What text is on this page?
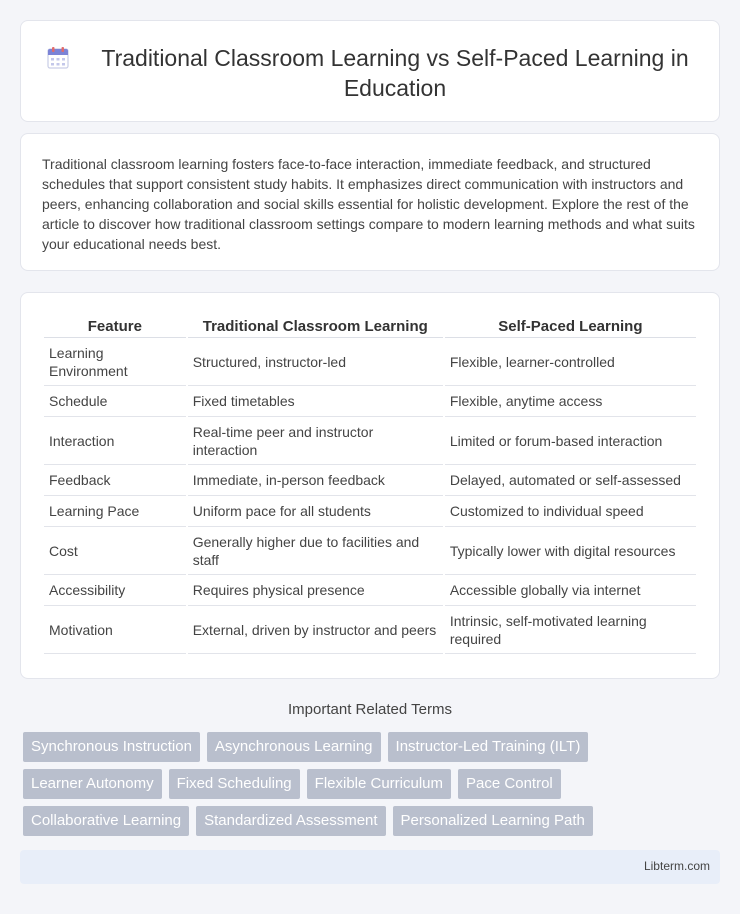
Traditional Classroom Learning vs Self-Paced Learning in Education

Traditional classroom learning fosters face-to-face interaction, immediate feedback, and structured schedules that support consistent study habits. It emphasizes direct communication with instructors and peers, enhancing collaboration and social skills essential for holistic development. Explore the rest of the article to discover how traditional classroom settings compare to modern learning methods and what suits your educational needs best.

Feature	Traditional Classroom Learning	Self-Paced Learning
Learning Environment	Structured, instructor-led	Flexible, learner-controlled
Schedule	Fixed timetables	Flexible, anytime access
Interaction	Real-time peer and instructor interaction	Limited or forum-based interaction
Feedback	Immediate, in-person feedback	Delayed, automated or self-assessed
Learning Pace	Uniform pace for all students	Customized to individual speed
Cost	Generally higher due to facilities and staff	Typically lower with digital resources
Accessibility	Requires physical presence	Accessible globally via internet
Motivation	External, driven by instructor and peers	Intrinsic, self-motivated learning required
Important Related Terms
Synchronous Instruction	Asynchronous Learning	Instructor-Led Training (ILT)
Learner Autonomy	Fixed Scheduling	Flexible Curriculum	Pace Control
Collaborative Learning	Standardized Assessment	Personalized Learning Path
Libterm.com
